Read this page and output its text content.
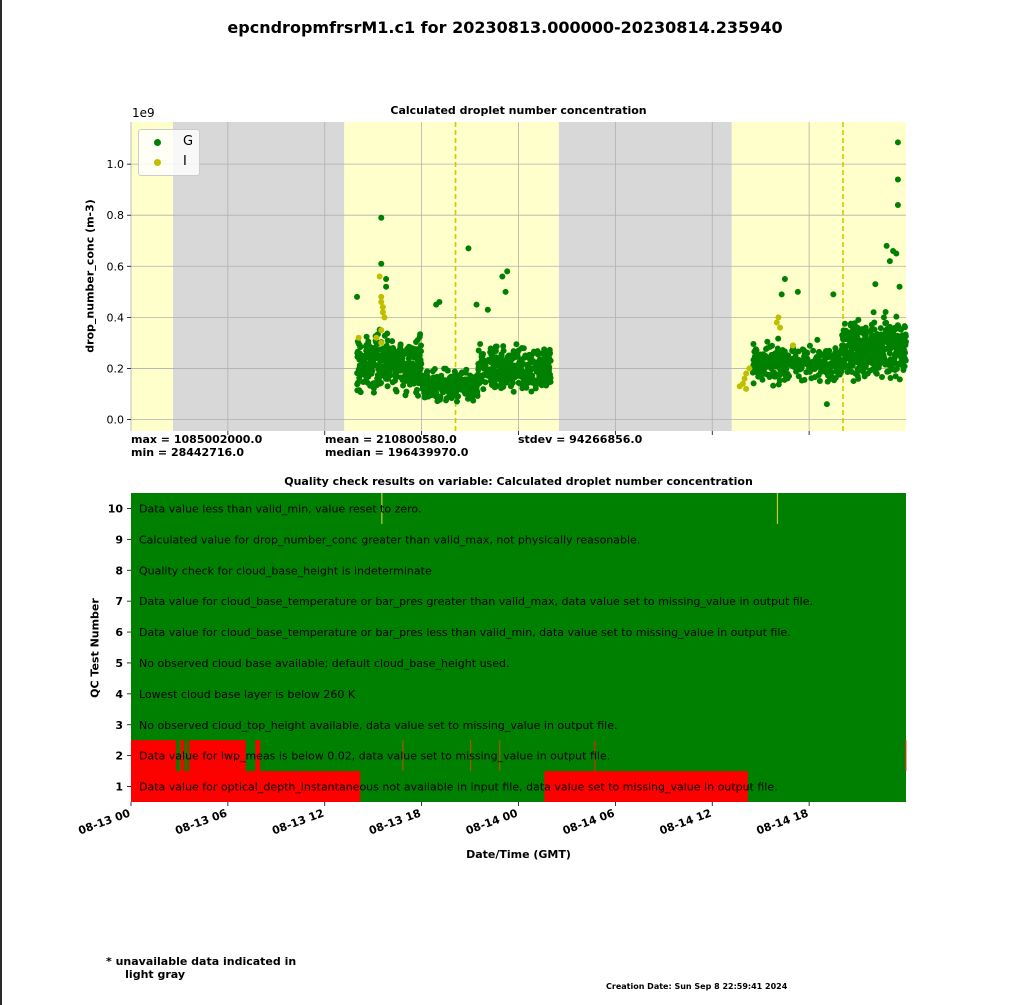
epcndropmfrsrM1.c1 for 20230813.000000-20230814.235940
Calculated droplet number concentration
0.0
0.2
0.4
0.6
0.8
1.0
1e9
G
I
drop_number_conc (m-3)
max = 1085002000.0
min = 28442716.0
mean = 210800580.0
median = 196439970.0
stdev = 94266856.0
Quality check results on variable: Calculated droplet number concentration
1 Data value for optical_depth_instantaneous not available in input file, data value set to missing_value in output file.
2 Data value for lwp_meas is below 0.02, data value set to missing_value in output file.
3 No observed cloud_top_height available, data value set to missing_value in output file.
4 Lowest cloud base layer is below 260 K
5 No observed cloud base available; default cloud_base_height used.
6 Data value for cloud_base_temperature or bar_pres less than valid_min, data value set to missing_value in output file.
7 Data value for cloud_base_temperature or bar_pres greater than valid_max, data value set to missing_value in output file.
8 Quality check for cloud_base_height is indeterminate
9 Calculated value for drop_number_conc greater than valid_max, not physically reasonable.
10 Data value less than valid_min, value reset to zero.
08-13 00	08-13 06	08-13 12	08-13 18	08-14 00	08-14 06	08-14 12	08-14 18
QC Test Number
Date/Time (GMT)
* unavailable data indicated in
light gray
Creation Date: Sun Sep 8 22:59:41 2024
